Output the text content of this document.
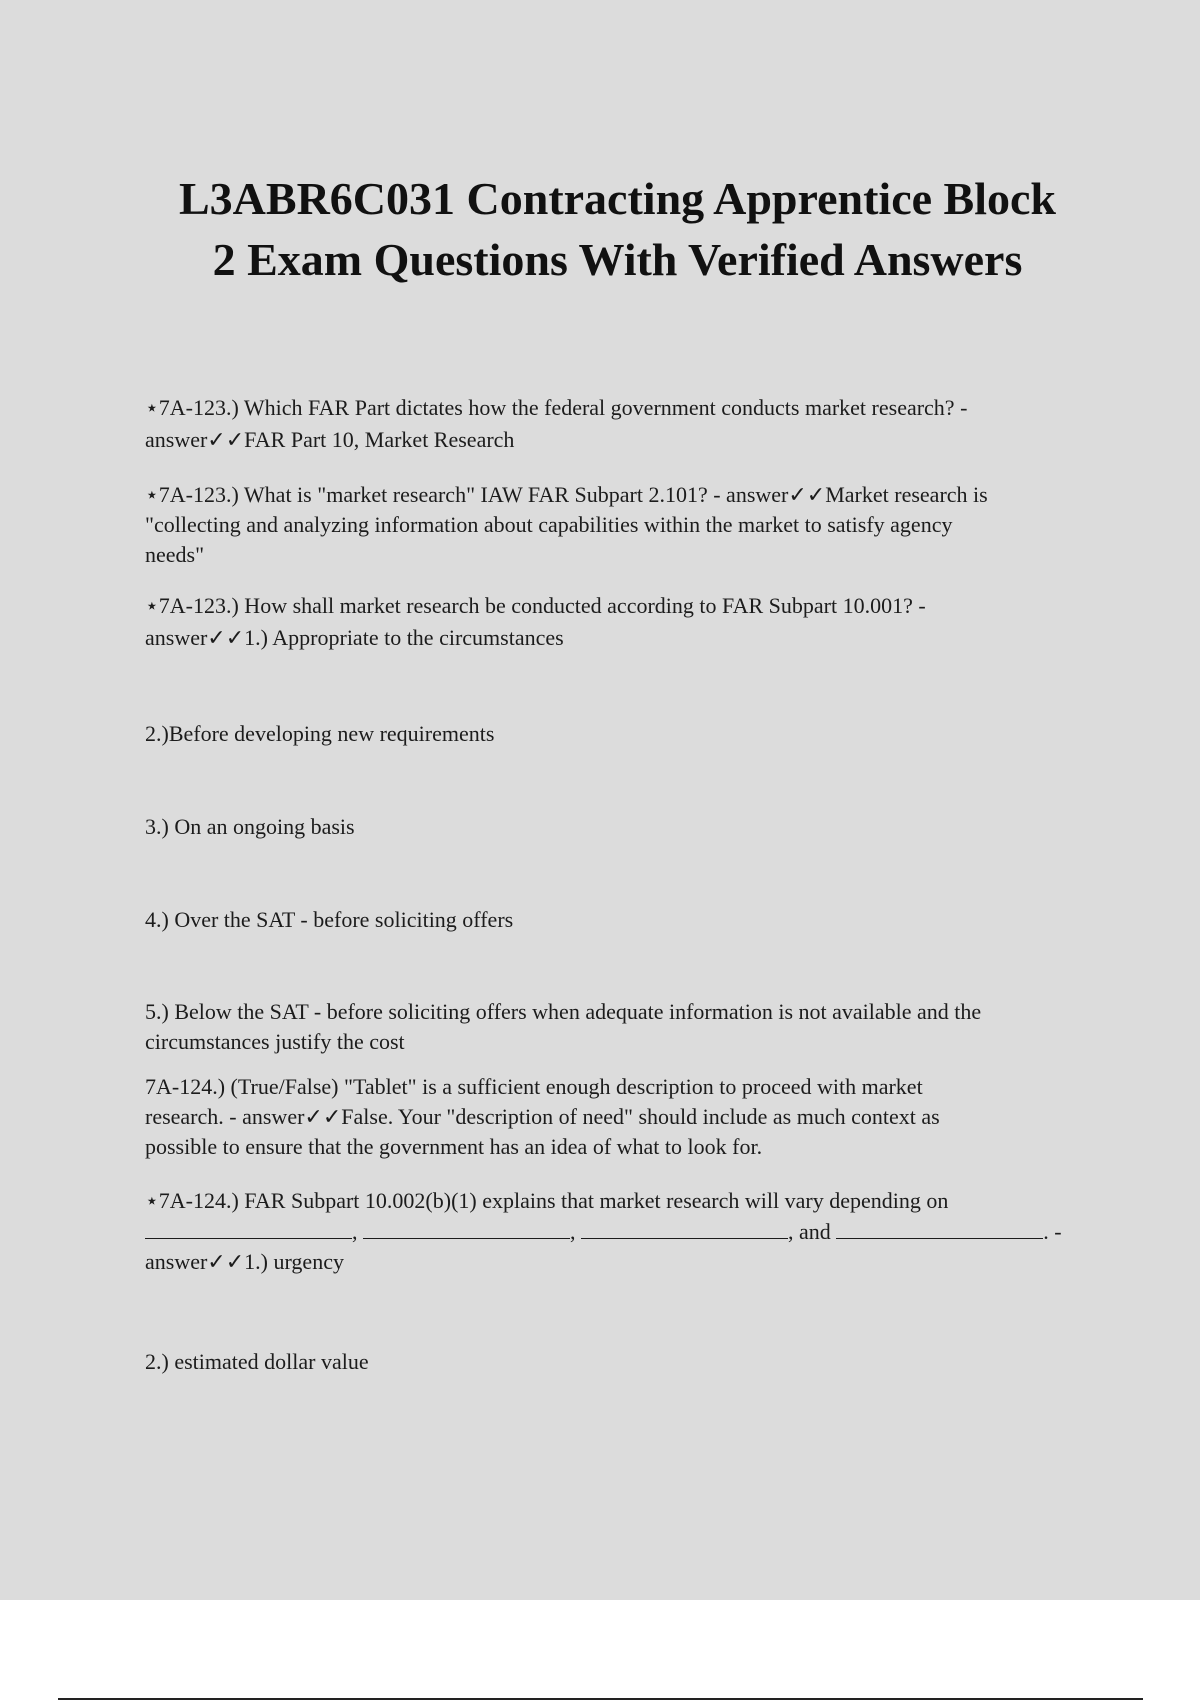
L3ABR6C031 Contracting Apprentice Block
2 Exam Questions With Verified Answers

⋆7A-123.) Which FAR Part dictates how the federal government conducts market research? -
answer✓✓FAR Part 10, Market Research

⋆7A-123.) What is "market research" IAW FAR Subpart 2.101? - answer✓✓Market research is
"collecting and analyzing information about capabilities within the market to satisfy agency
needs"

⋆7A-123.) How shall market research be conducted according to FAR Subpart 10.001? -
answer✓✓1.) Appropriate to the circumstances

2.)Before developing new requirements

3.) On an ongoing basis

4.) Over the SAT - before soliciting offers

5.) Below the SAT - before soliciting offers when adequate information is not available and the
circumstances justify the cost

7A-124.) (True/False) "Tablet" is a sufficient enough description to proceed with market
research. - answer✓✓False. Your "description of need" should include as much context as
possible to ensure that the government has an idea of what to look for.

⋆7A-124.) FAR Subpart 10.002(b)(1) explains that market research will vary depending on
,	,	, and	. -
answer✓✓1.) urgency

2.) estimated dollar value
